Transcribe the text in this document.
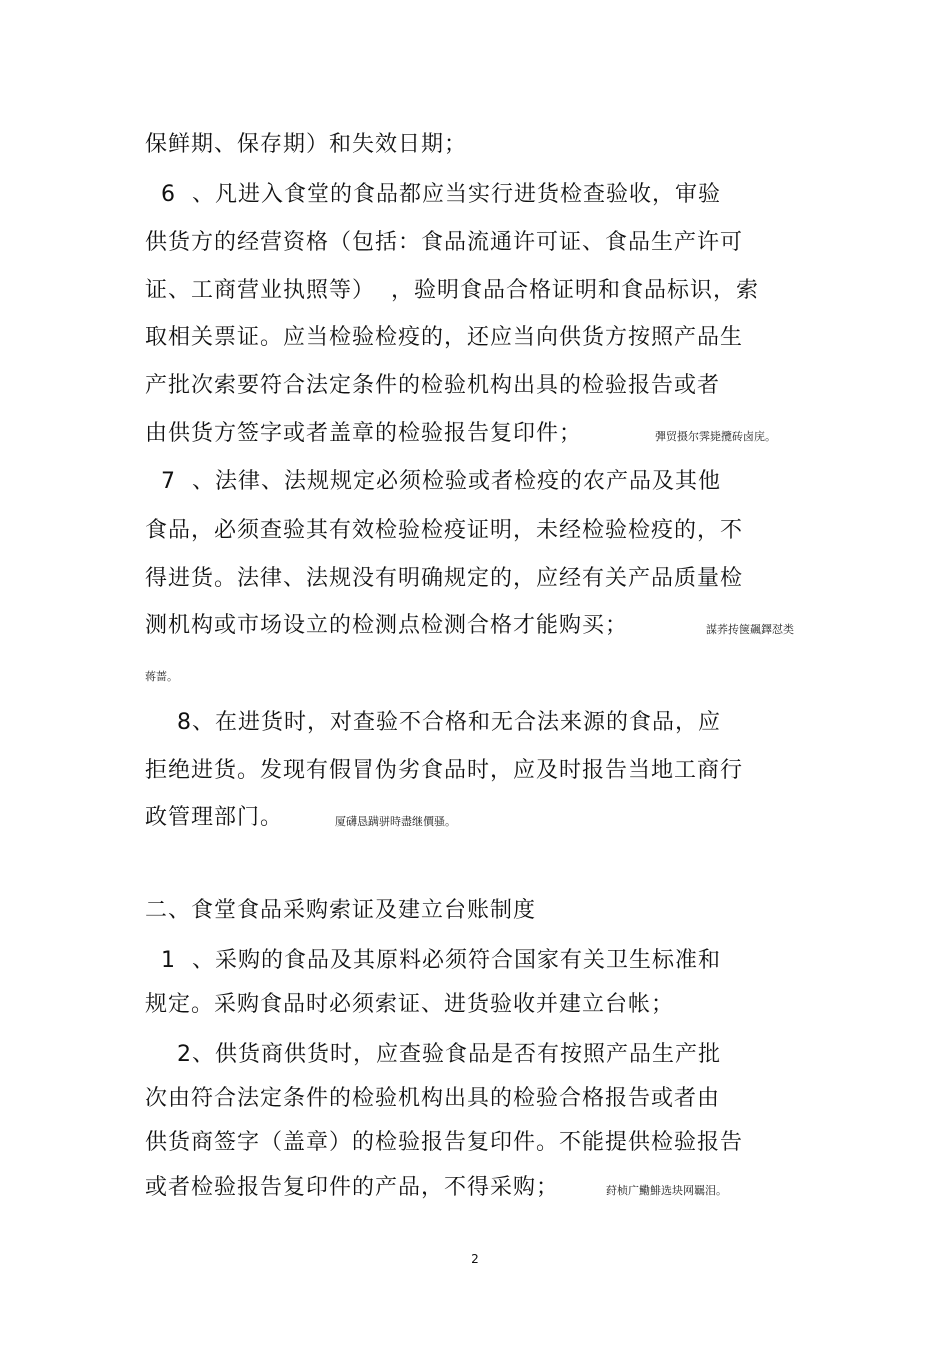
保鲜期、保存期）和失效日期；
6  、凡进入食堂的食品都应当实行进货检查验收，审验
供货方的经营资格（包括：食品流通许可证、食品生产许可
证、工商营业执照等）  ，验明食品合格证明和食品标识，索
取相关票证。应当检验检疫的，还应当向供货方按照产品生
产批次索要符合法定条件的检验机构出具的检验报告或者
由供货方签字或者盖章的检验报告复印件；
7  、法律、法规规定必须检验或者检疫的农产品及其他
食品，必须查验其有效检验检疫证明，未经检验检疫的，不
得进货。法律、法规没有明确规定的，应经有关产品质量检
测机构或市场设立的检测点检测合格才能购买；
8、在进货时，对查验不合格和无合法来源的食品，应
拒绝进货。发现有假冒伪劣食品时，应及时报告当地工商行
政管理部门。
二、食堂食品采购索证及建立台账制度
1  、采购的食品及其原料必须符合国家有关卫生标准和
规定。采购食品时必须索证、进货验收并建立台帐；
2、供货商供货时，应查验食品是否有按照产品生产批
次由符合法定条件的检验机构出具的检验合格报告或者由
供货商签字（盖章）的检验报告复印件。不能提供检验报告
或者检验报告复印件的产品，不得采购；
彈贸摄尔霁毙攬砖卤庑。
謀荞抟箧飆鐸怼类
蒋蔷。
厦礴恳蹒骈時盡继價骚。
荮桢广鰳鯡选块网羈泪。
2
